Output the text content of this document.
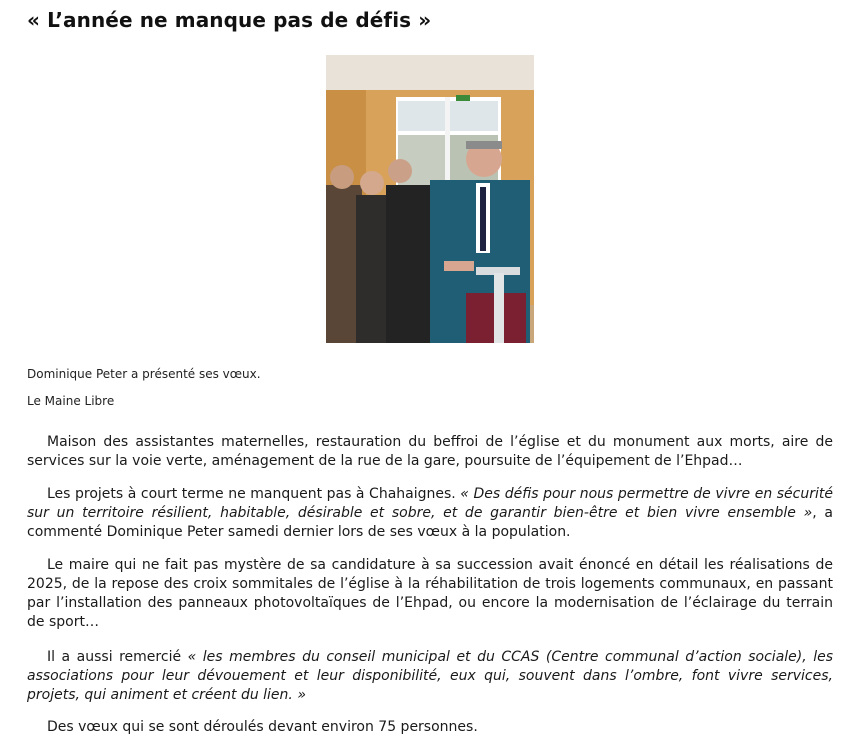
« L’année ne manque pas de défis »
Dominique Peter a présenté ses vœux.
Le Maine Libre

Maison des assistantes maternelles, restauration du beffroi de l’église et du monument aux morts, aire de services sur la voie verte, aménagement de la rue de la gare, poursuite de l’équipement de l’Ehpad…

Les projets à court terme ne manquent pas à Chahaignes. « Des défis pour nous permettre de vivre en sécurité sur un territoire résilient, habitable, désirable et sobre, et de garantir bien-être et bien vivre ensemble », a commenté Dominique Peter samedi dernier lors de ses vœux à la population.

Le maire qui ne fait pas mystère de sa candidature à sa succession avait énoncé en détail les réalisations de 2025, de la repose des croix sommitales de l’église à la réhabilitation de trois logements communaux, en passant par l’installation des panneaux photovoltaïques de l’Ehpad, ou encore la modernisation de l’éclairage du terrain de sport…

Il a aussi remercié « les membres du conseil municipal et du CCAS (Centre communal d’action sociale), les associations pour leur dévouement et leur disponibilité, eux qui, souvent dans l’ombre, font vivre services, projets, qui animent et créent du lien. »

Des vœux qui se sont déroulés devant environ 75 personnes.
